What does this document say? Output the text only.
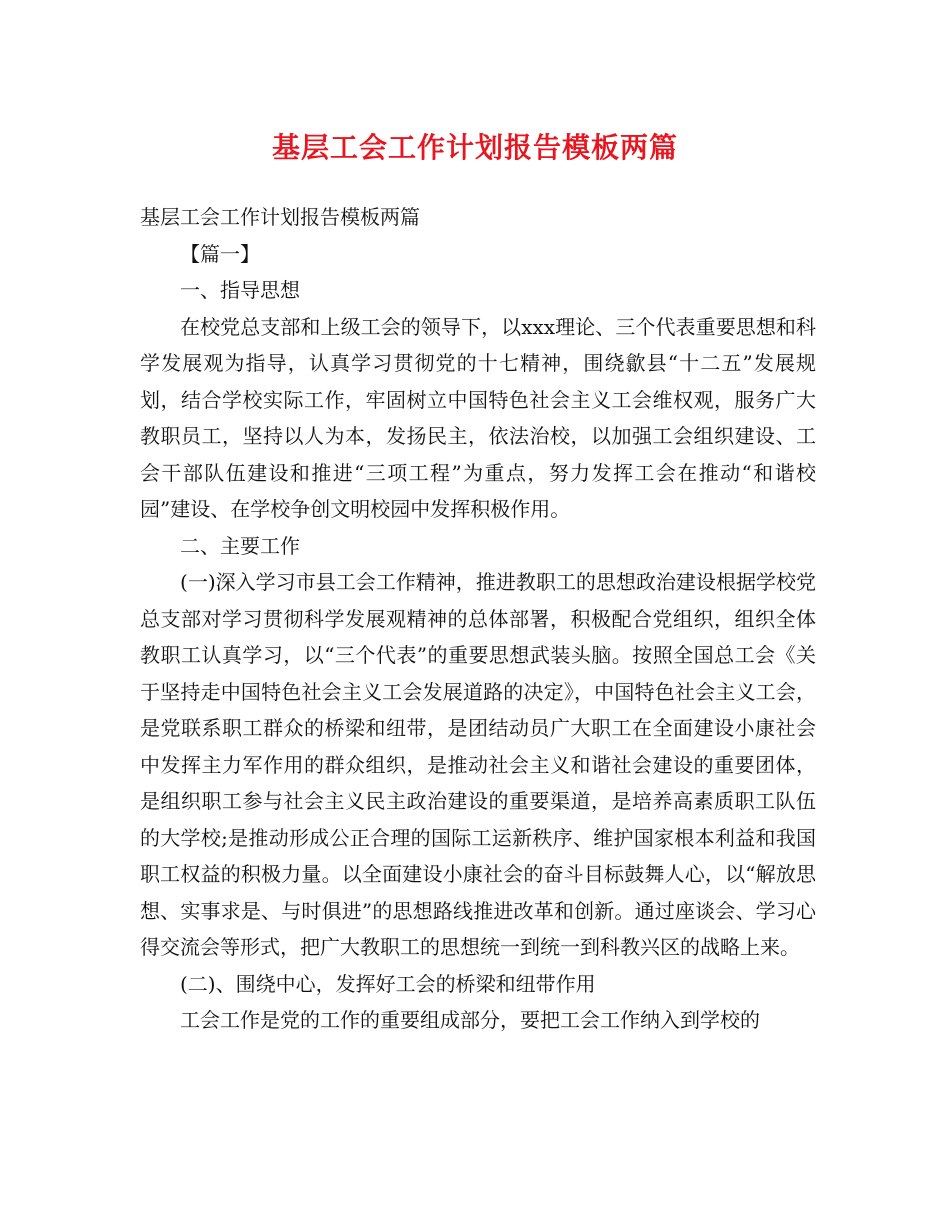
基层工会工作计划报告模板两篇

基层工会工作计划报告模板两篇

【篇一】

一、指导思想

在校党总支部和上级工会的领导下，以xxx理论、三个代表重要思想和科学发展观为指导，认真学习贯彻党的十七精神，围绕歙县“十二五”发展规划，结合学校实际工作，牢固树立中国特色社会主义工会维权观，服务广大教职员工，坚持以人为本，发扬民主，依法治校，以加强工会组织建设、工会干部队伍建设和推进“三项工程”为重点，努力发挥工会在推动“和谐校园”建设、在学校争创文明校园中发挥积极作用。

二、主要工作

(一)深入学习市县工会工作精神，推进教职工的思想政治建设根据学校党总支部对学习贯彻科学发展观精神的总体部署，积极配合党组织，组织全体教职工认真学习，以“三个代表”的重要思想武装头脑。按照全国总工会《关于坚持走中国特色社会主义工会发展道路的决定》，中国特色社会主义工会，是党联系职工群众的桥梁和纽带，是团结动员广大职工在全面建设小康社会中发挥主力军作用的群众组织，是推动社会主义和谐社会建设的重要团体，是组织职工参与社会主义民主政治建设的重要渠道，是培养高素质职工队伍的大学校;是推动形成公正合理的国际工运新秩序、维护国家根本利益和我国职工权益的积极力量。以全面建设小康社会的奋斗目标鼓舞人心，以“解放思想、实事求是、与时俱进”的思想路线推进改革和创新。通过座谈会、学习心得交流会等形式，把广大教职工的思想统一到统一到科教兴区的战略上来。

(二)、围绕中心，发挥好工会的桥梁和纽带作用

工会工作是党的工作的重要组成部分，要把工会工作纳入到学校的
